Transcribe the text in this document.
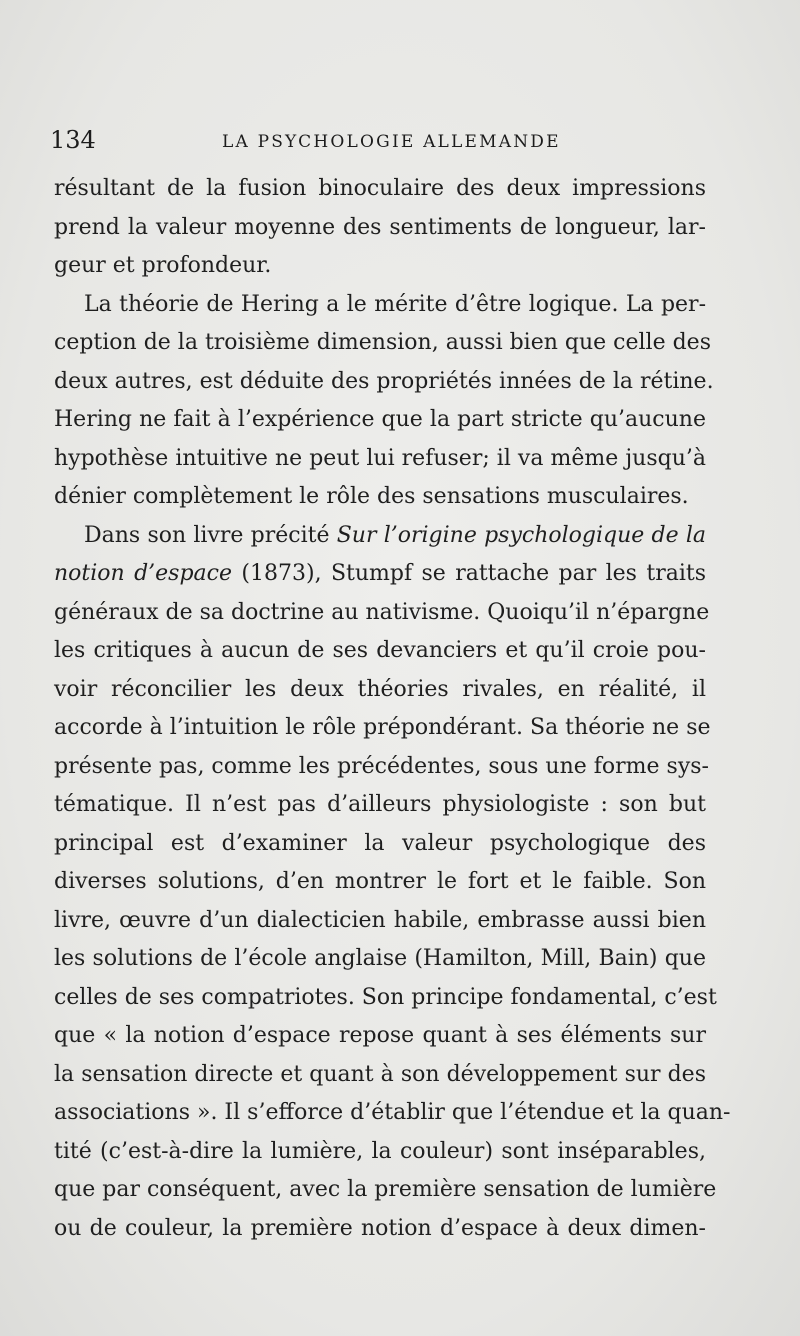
134	LA PSYCHOLOGIE ALLEMANDE
résultant de la fusion binoculaire des deux impressions
prend la valeur moyenne des sentiments de longueur, lar-
geur et profondeur.
La théorie de Hering a le mérite d’être logique. La per-
ception de la troisième dimension, aussi bien que celle des
deux autres, est déduite des propriétés innées de la rétine.
Hering ne fait à l’expérience que la part stricte qu’aucune
hypothèse intuitive ne peut lui refuser; il va même jusqu’à
dénier complètement le rôle des sensations musculaires.
Dans son livre précité Sur l’origine psychologique de la
notion d’espace (1873), Stumpf se rattache par les traits
généraux de sa doctrine au nativisme. Quoiqu’il n’épargne
les critiques à aucun de ses devanciers et qu’il croie pou-
voir réconcilier les deux théories rivales, en réalité, il
accorde à l’intuition le rôle prépondérant. Sa théorie ne se
présente pas, comme les précédentes, sous une forme sys-
tématique. Il n’est pas d’ailleurs physiologiste : son but
principal est d’examiner la valeur psychologique des
diverses solutions, d’en montrer le fort et le faible. Son
livre, œuvre d’un dialecticien habile, embrasse aussi bien
les solutions de l’école anglaise (Hamilton, Mill, Bain) que
celles de ses compatriotes. Son principe fondamental, c’est
que « la notion d’espace repose quant à ses éléments sur
la sensation directe et quant à son développement sur des
associations ». Il s’efforce d’établir que l’étendue et la quan-
tité (c’est-à-dire la lumière, la couleur) sont inséparables,
que par conséquent, avec la première sensation de lumière
ou de couleur, la première notion d’espace à deux dimen-
